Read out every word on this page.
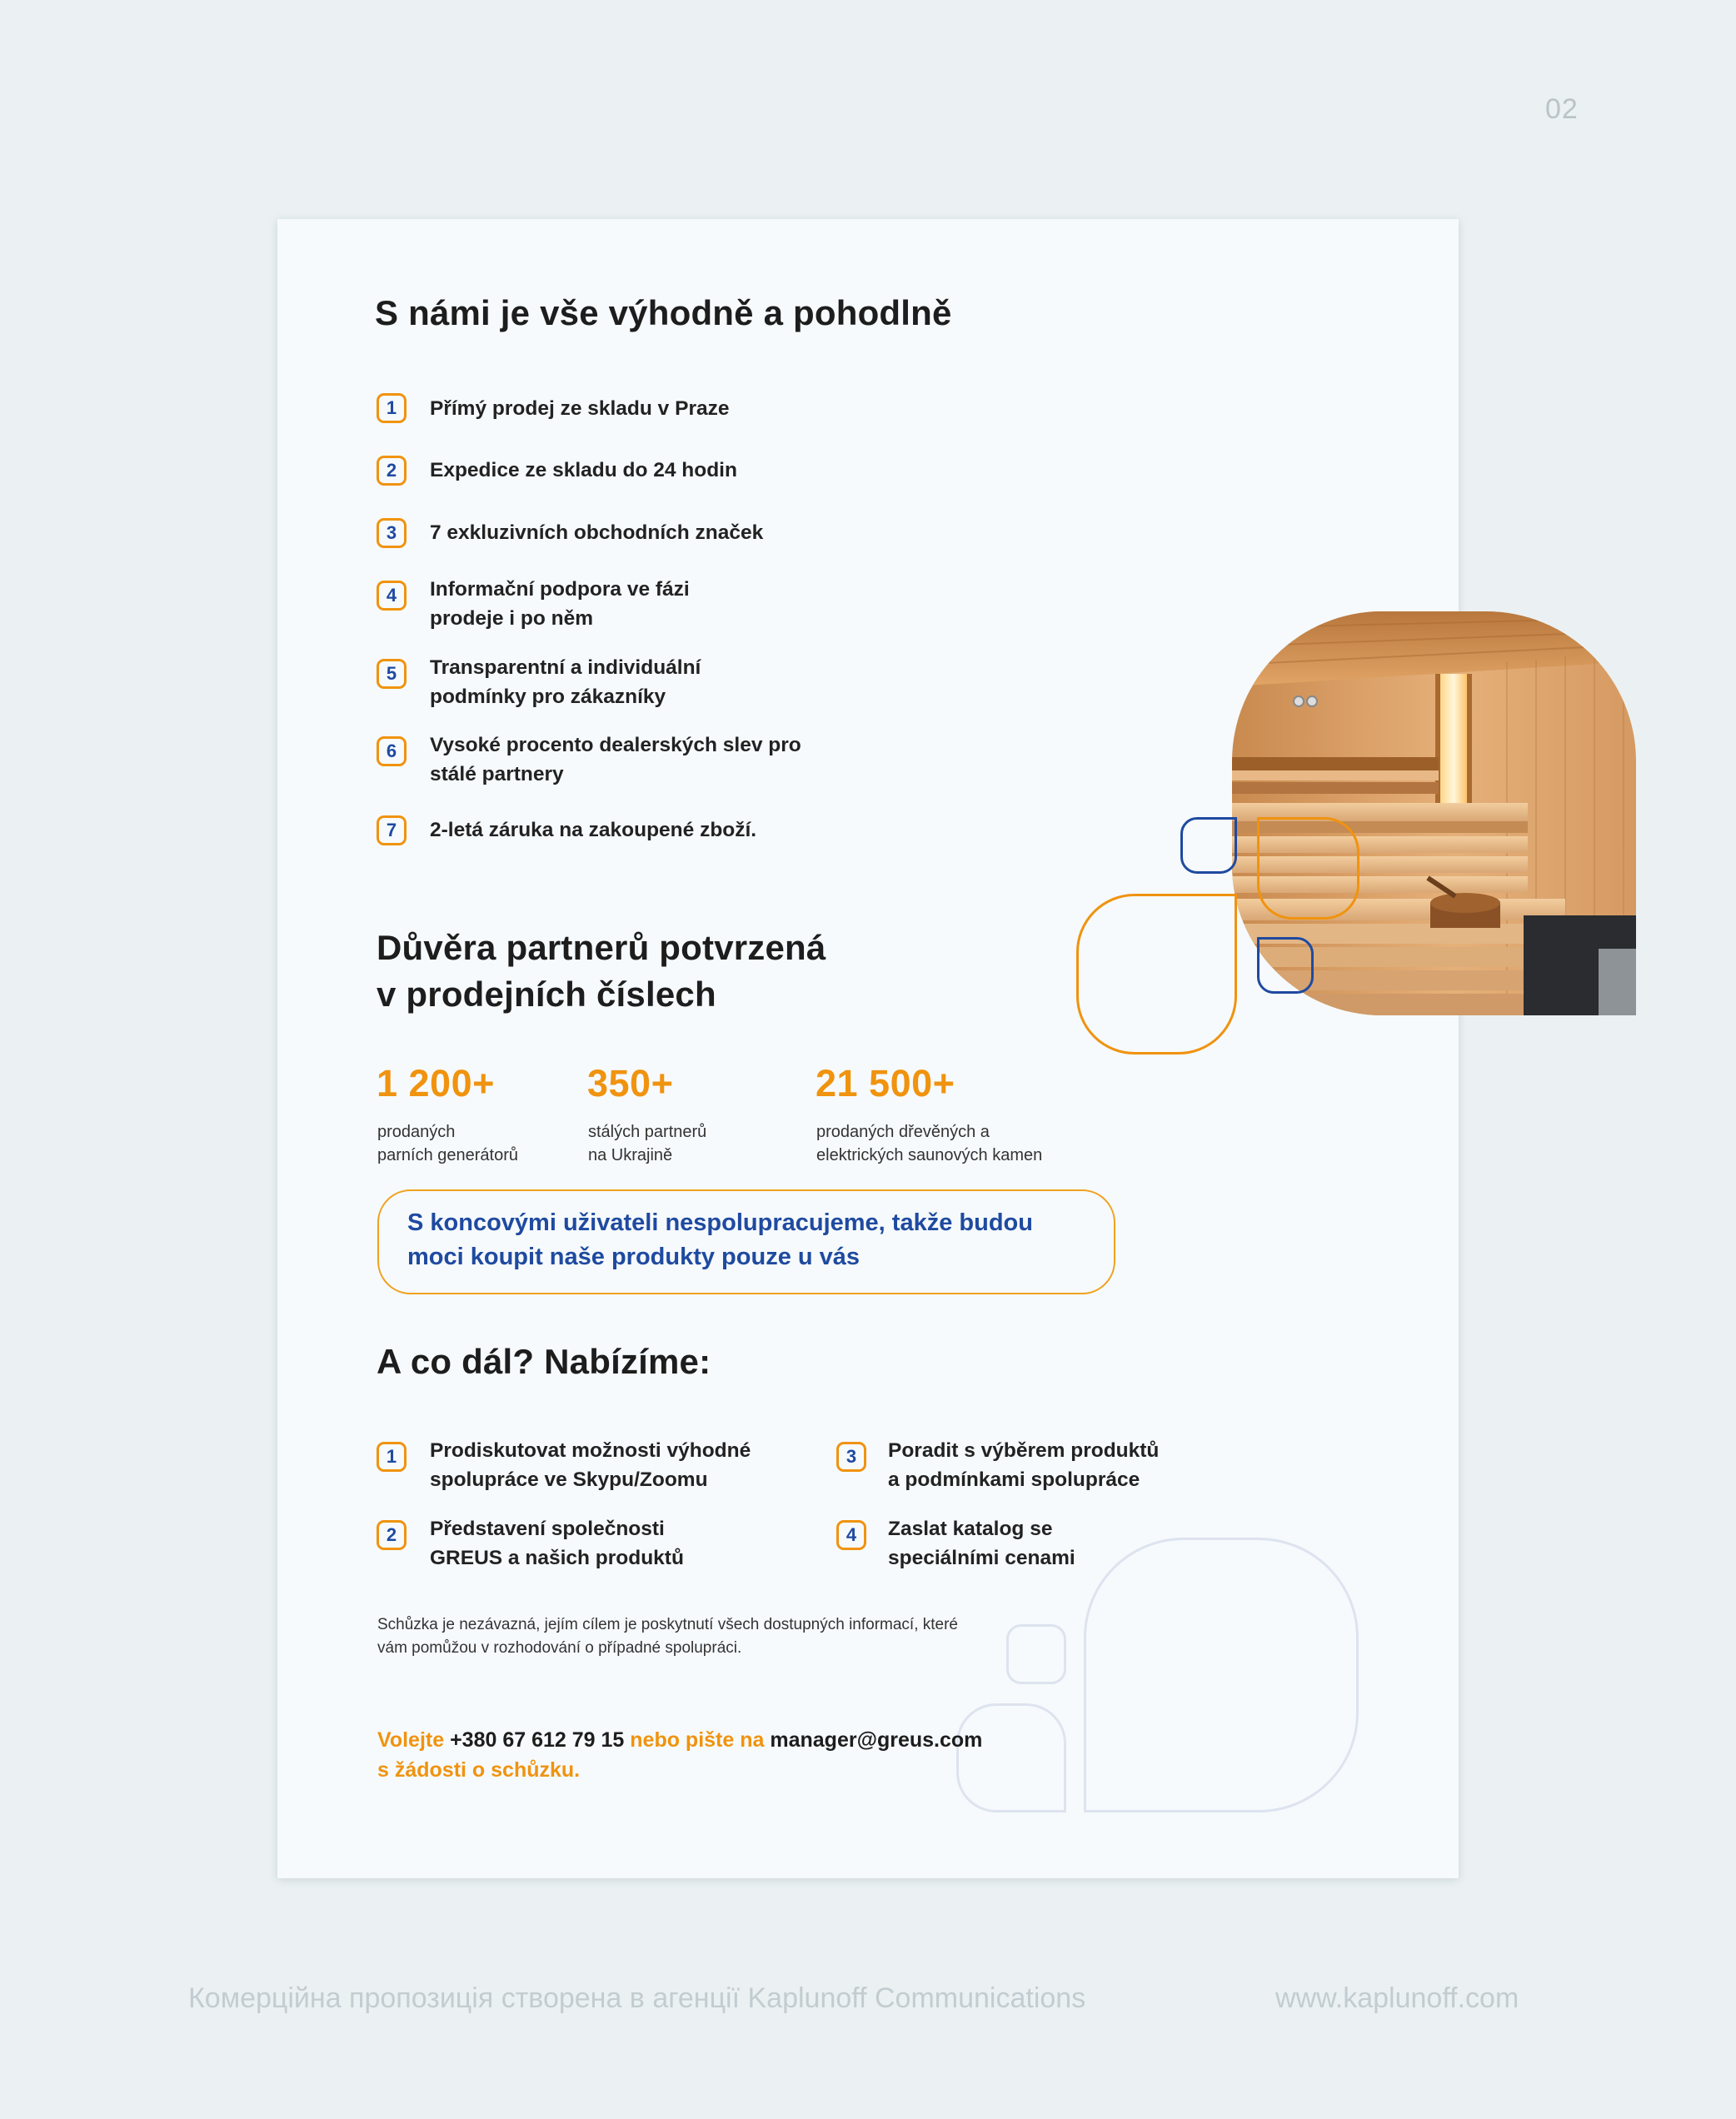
02
S námi je vše výhodně a pohodlně
1	Přímý prodej ze skladu v Praze
2	Expedice ze skladu do 24 hodin
3	7 exkluzivních obchodních značek
4	Informační podpora ve fázi
prodeje i po něm
5	Transparentní a individuální
podmínky pro zákazníky
6	Vysoké procento dealerských slev pro
stálé partnery
7	2-letá záruka na zakoupené zboží.
Důvěra partnerů potvrzená
v prodejních číslech
1 200+
prodaných
parních generátorů
350+
stálých partnerů
na Ukrajině
21 500+
prodaných dřevěných a
elektrických saunových kamen
S koncovými uživateli nespolupracujeme, takže budou
moci koupit naše produkty pouze u vás
A co dál? Nabízíme:
1	Prodiskutovat možnosti výhodné
spolupráce ve Skypu/Zoomu
2	Představení společnosti
GREUS a našich produktů
3	Poradit s výběrem produktů
a podmínkami spolupráce
4	Zaslat katalog se
speciálními cenami
Schůzka je nezávazná, jejím cílem je poskytnutí všech dostupných informací, které
vám pomůžou v rozhodování o případné spolupráci.
Volejte +380 67 612 79 15 nebo pište na manager@greus.com
s žádosti o schůzku.
Комерційна пропозиція створена в агенції Kaplunoff Communications	www.kaplunoff.com
